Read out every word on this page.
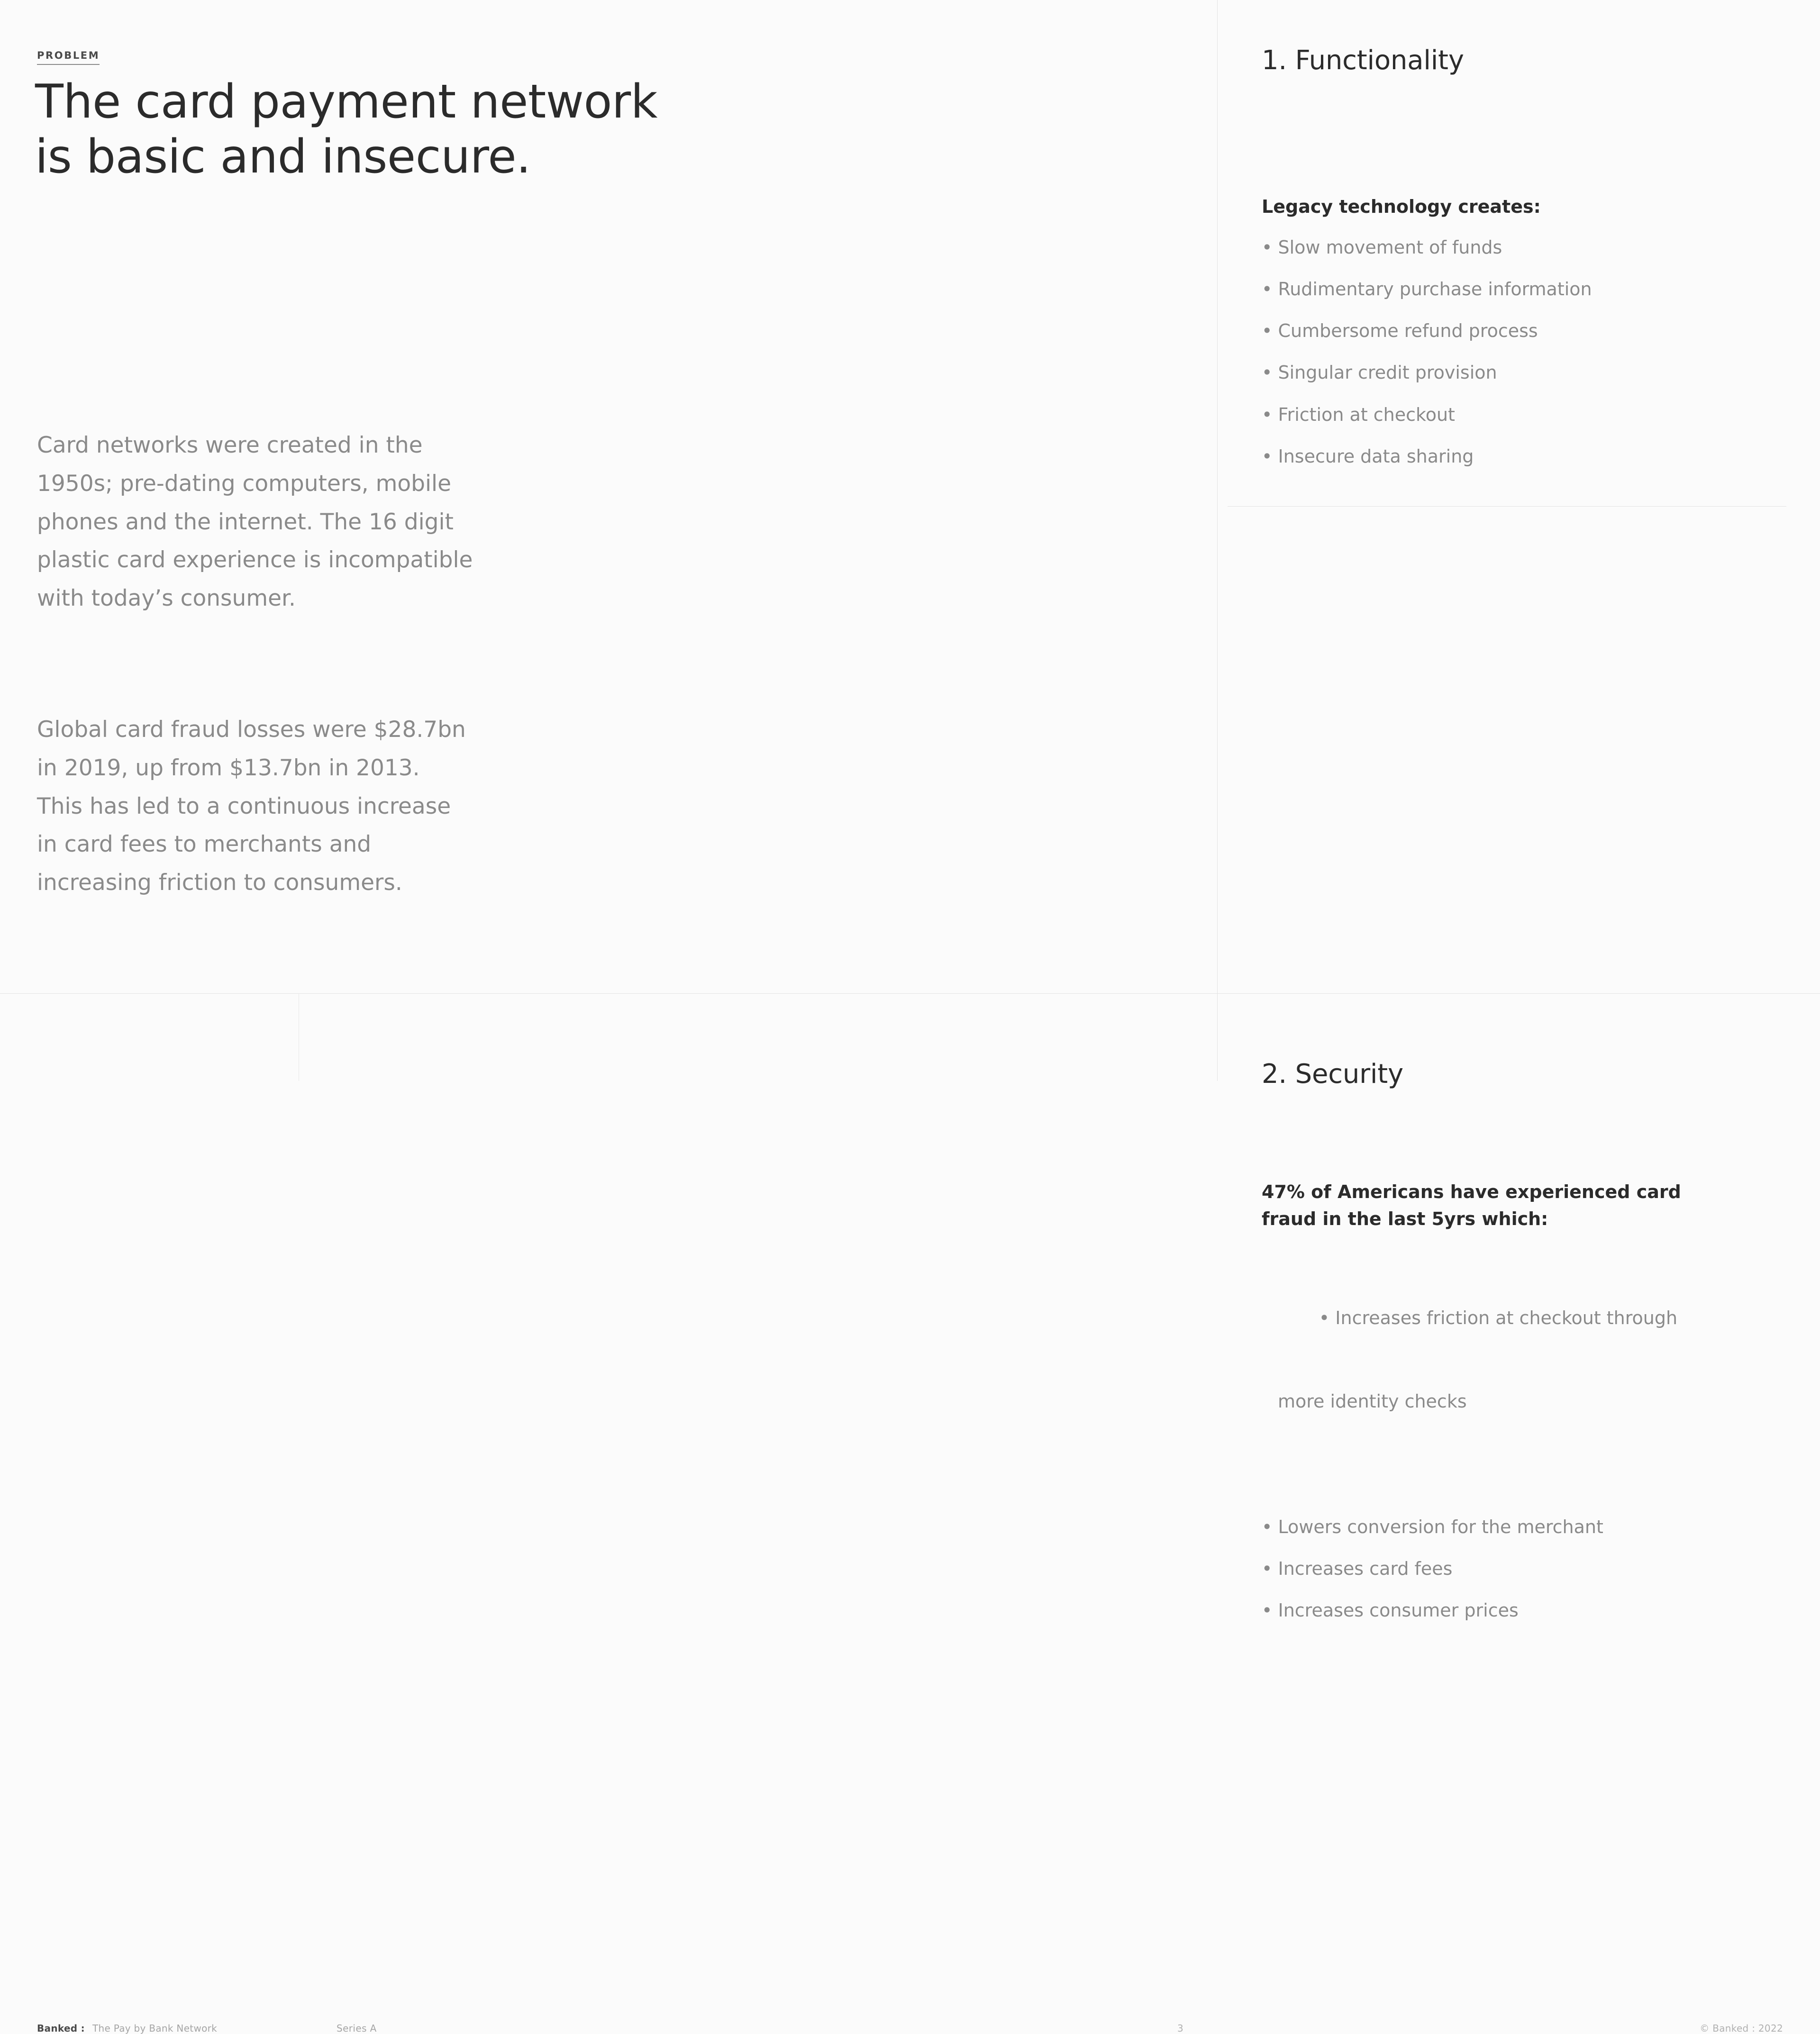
PROBLEM
The card payment network
is basic and insecure.
Card networks were created in the
1950s; pre-dating computers, mobile
phones and the internet. The 16 digit
plastic card experience is incompatible
with today’s consumer.
Global card fraud losses were $28.7bn
in 2019, up from $13.7bn in 2013.
This has led to a continuous increase
in card fees to merchants and
increasing friction to consumers.
1. Functionality
Legacy technology creates:
• Slow movement of funds
• Rudimentary purchase information
• Cumbersome refund process
• Singular credit provision
• Friction at checkout
• Insecure data sharing
2. Security
47% of Americans have experienced card
fraud in the last 5yrs which:

• Increases friction at checkout through

more identity checks

• Lowers conversion for the merchant
• Increases card fees
• Increases consumer prices
Banked : The Pay by Bank Network	Series A	3	© Banked : 2022
